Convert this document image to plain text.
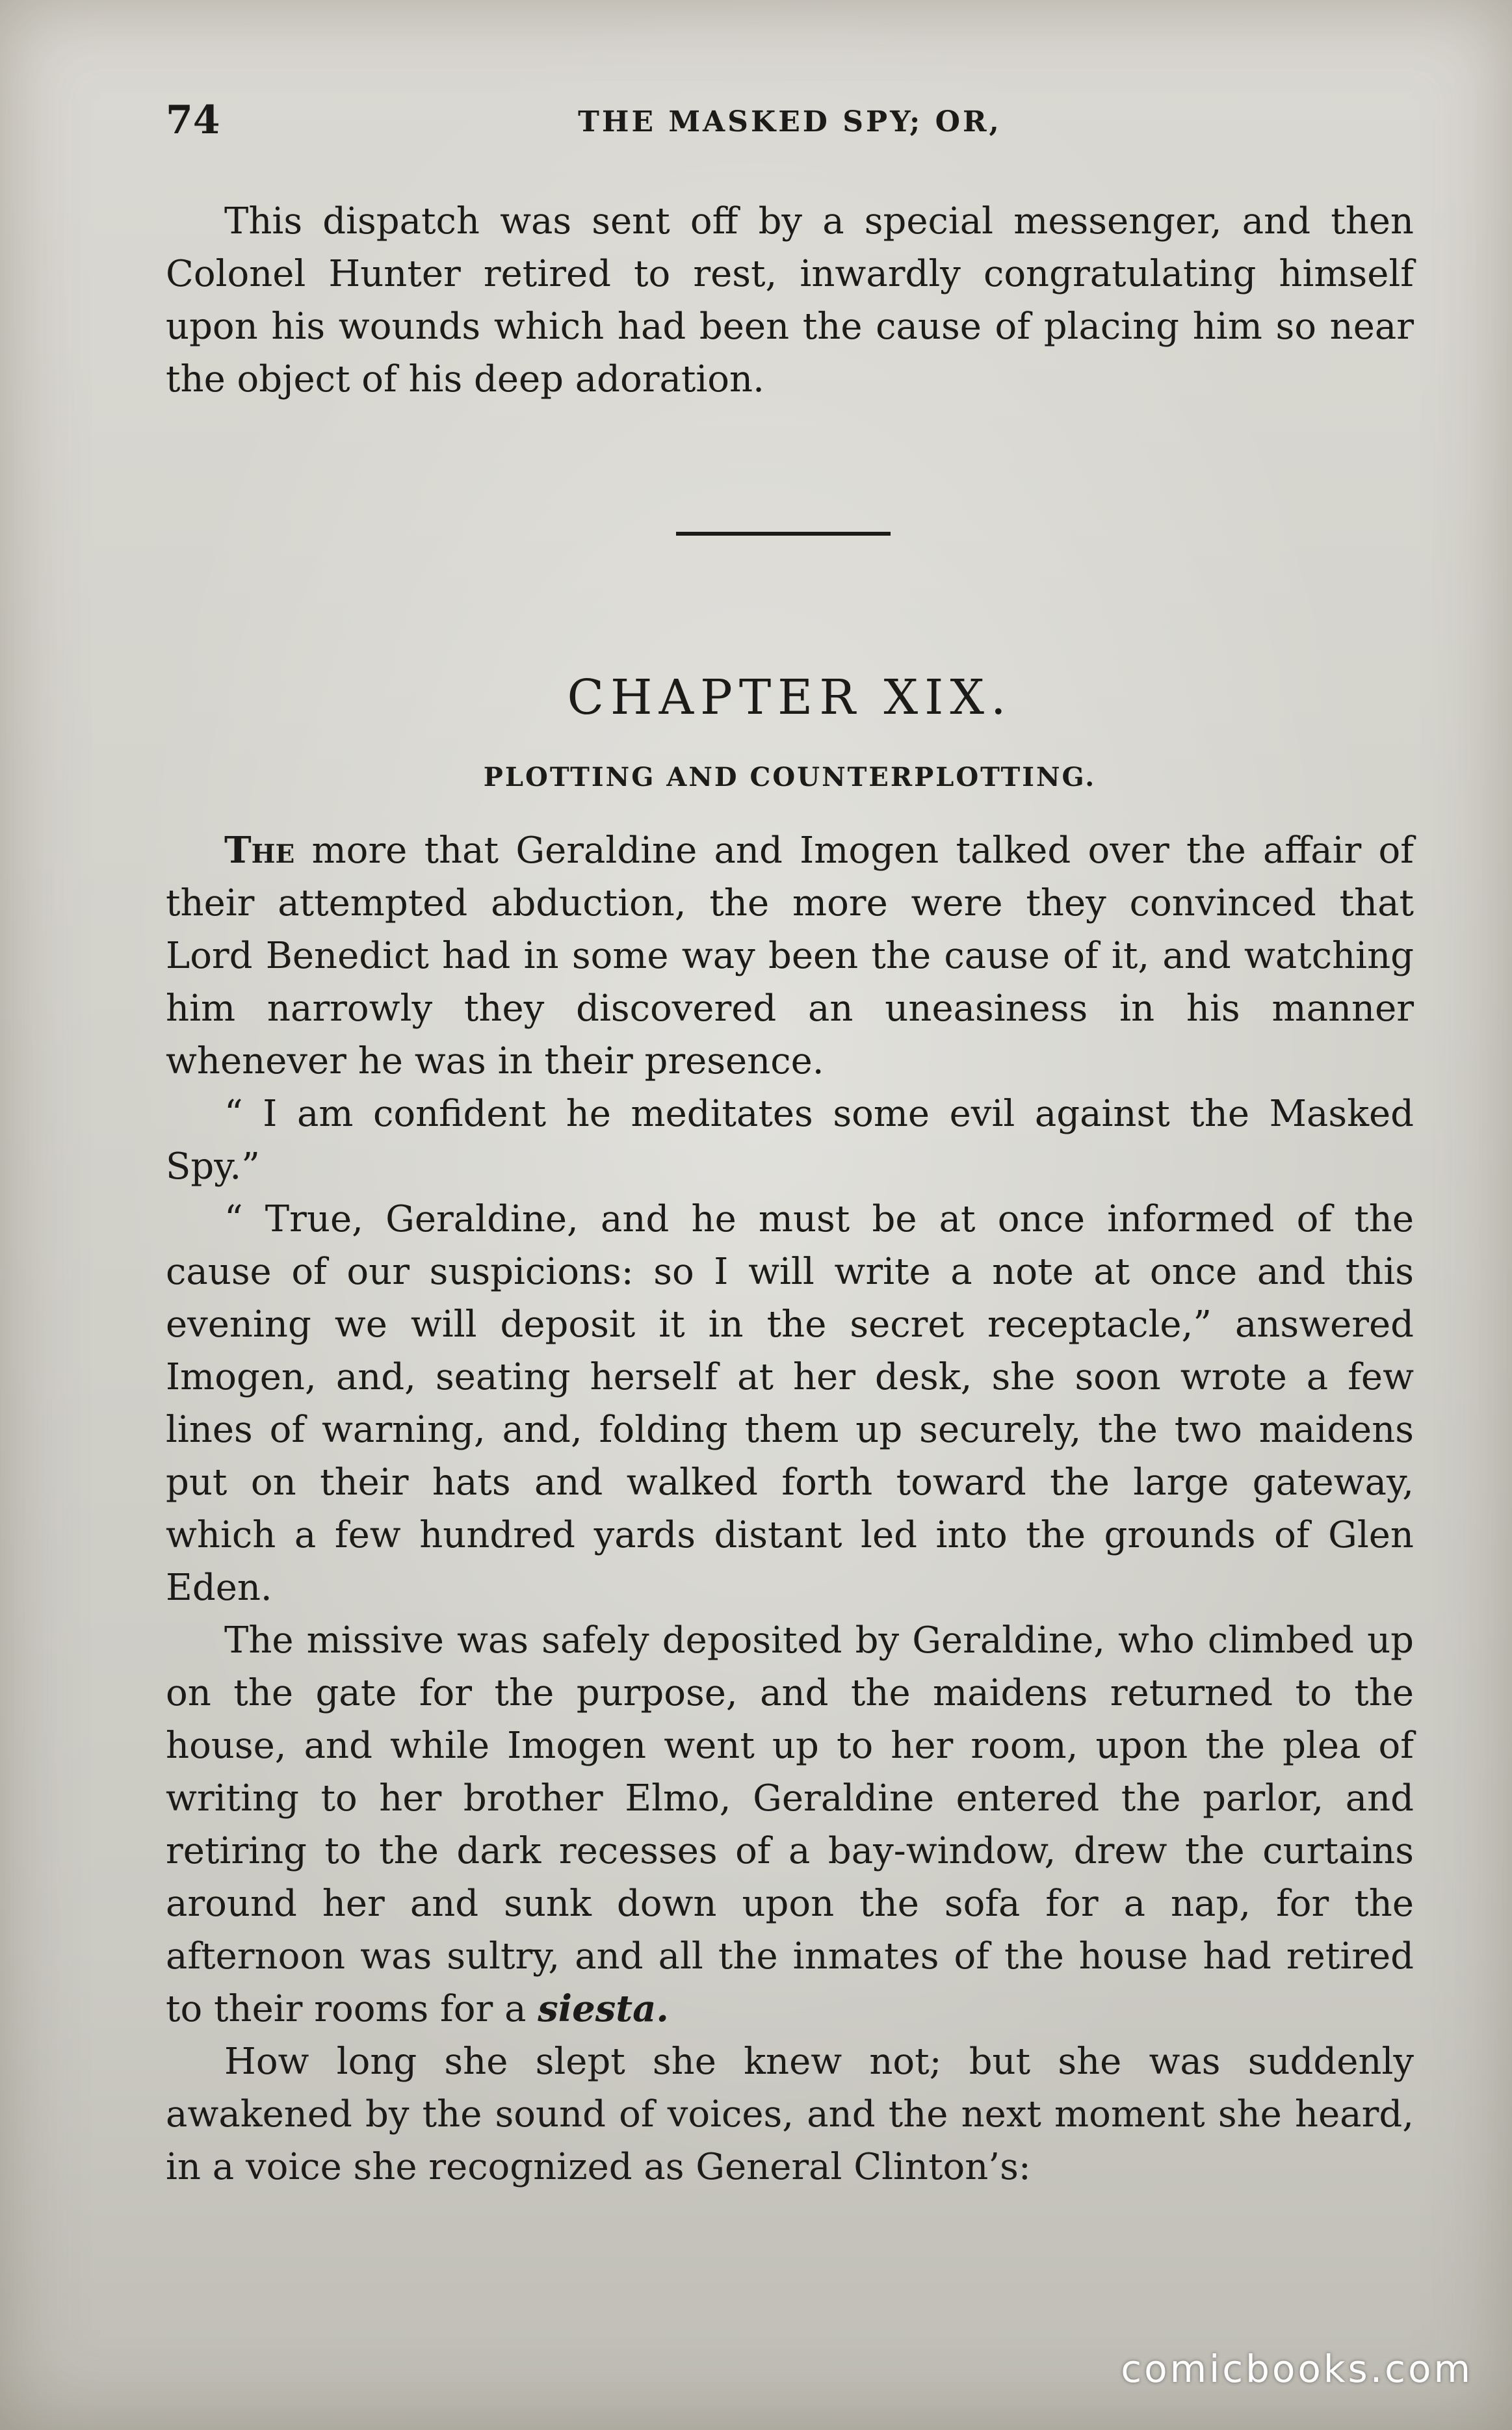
74	THE MASKED SPY; OR,

This dispatch was sent off by a special messenger, and then Colonel Hunter retired to rest, inwardly congratulating himself upon his wounds which had been the cause of placing him so near the object of his deep adoration.

CHAPTER XIX.
PLOTTING AND COUNTERPLOTTING.

The more that Geraldine and Imogen talked over the affair of their attempted abduction, the more were they convinced that Lord Benedict had in some way been the cause of it, and watching him narrowly they discovered an uneasiness in his manner whenever he was in their presence.

“ I am confident he meditates some evil against the Masked Spy.”

“ True, Geraldine, and he must be at once informed of the cause of our suspicions: so I will write a note at once and this evening we will deposit it in the secret receptacle,” answered Imogen, and, seating herself at her desk, she soon wrote a few lines of warning, and, folding them up securely, the two maidens put on their hats and walked forth toward the large gateway, which a few hundred yards distant led into the grounds of Glen Eden.

The missive was safely deposited by Geraldine, who climbed up on the gate for the purpose, and the maidens returned to the house, and while Imogen went up to her room, upon the plea of writing to her brother Elmo, Geraldine entered the parlor, and retiring to the dark recesses of a bay-window, drew the curtains around her and sunk down upon the sofa for a nap, for the afternoon was sultry, and all the inmates of the house had retired to their rooms for a siesta.

How long she slept she knew not; but she was suddenly awakened by the sound of voices, and the next moment she heard, in a voice she recognized as General Clinton’s:

comicbooks.com
